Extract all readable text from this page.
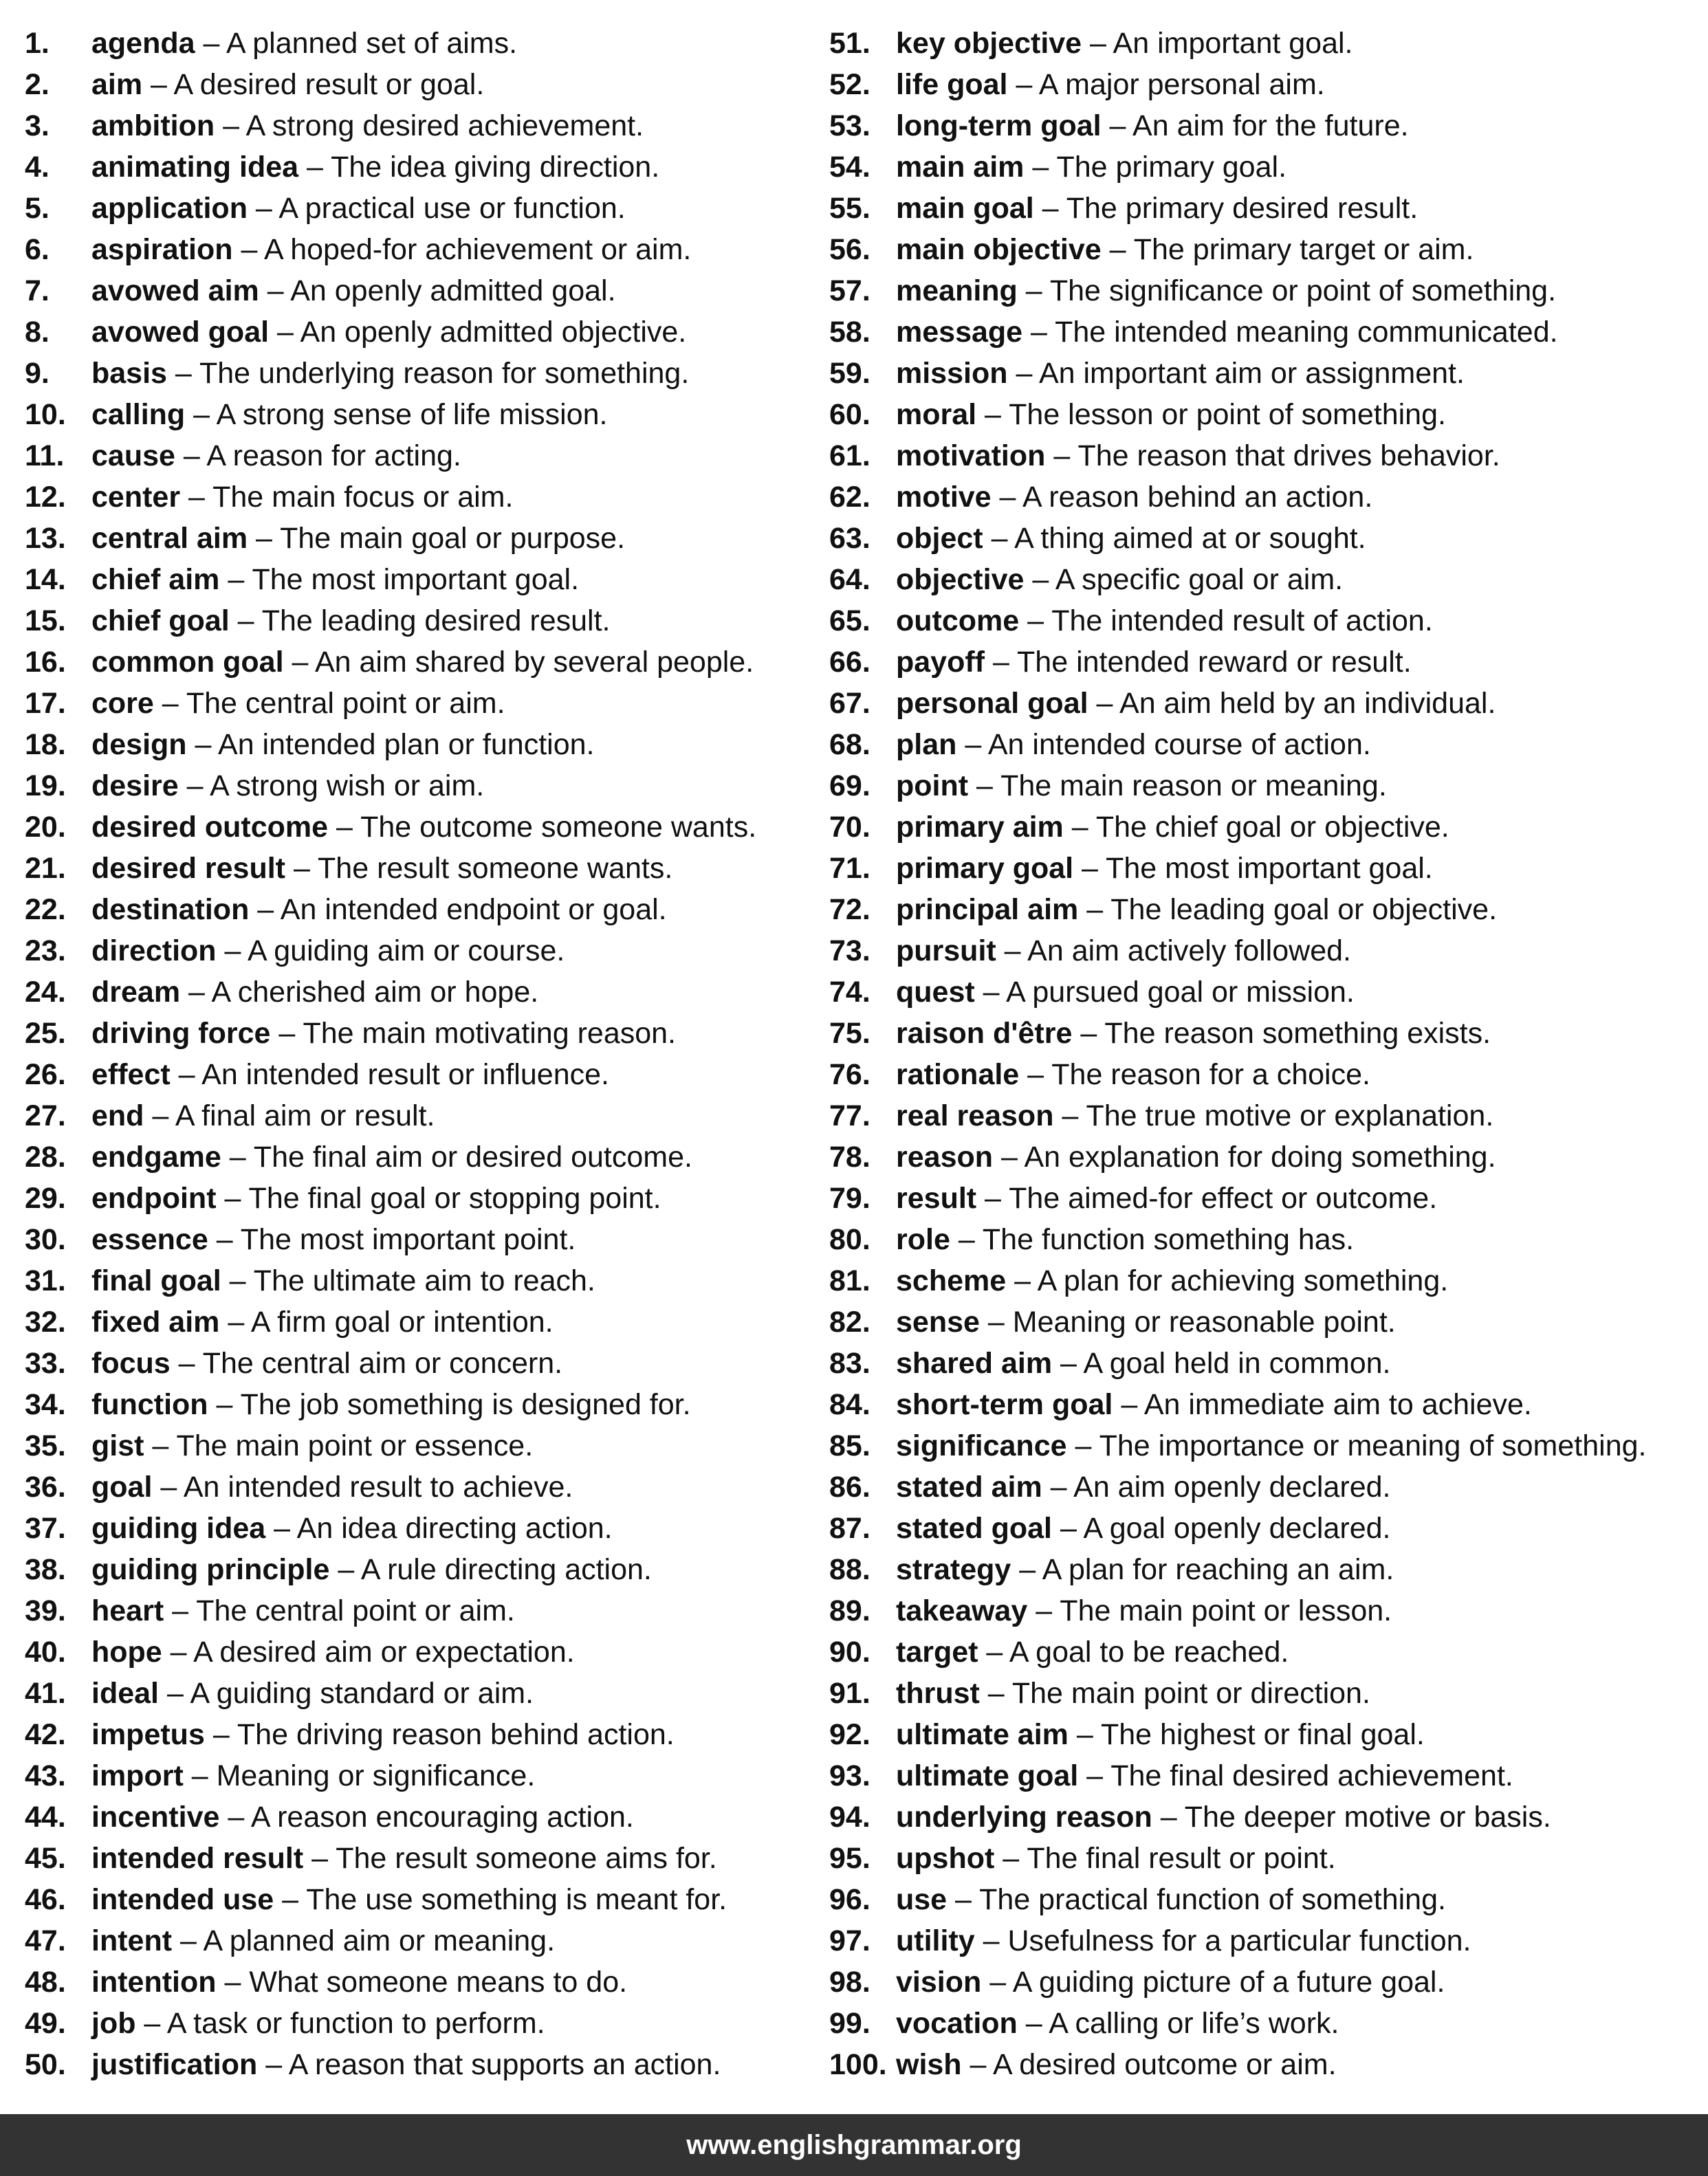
1. agenda – A planned set of aims.
2. aim – A desired result or goal.
3. ambition – A strong desired achievement.
4. animating idea – The idea giving direction.
5. application – A practical use or function.
6. aspiration – A hoped-for achievement or aim.
7. avowed aim – An openly admitted goal.
8. avowed goal – An openly admitted objective.
9. basis – The underlying reason for something.
10. calling – A strong sense of life mission.
11. cause – A reason for acting.
12. center – The main focus or aim.
13. central aim – The main goal or purpose.
14. chief aim – The most important goal.
15. chief goal – The leading desired result.
16. common goal – An aim shared by several people.
17. core – The central point or aim.
18. design – An intended plan or function.
19. desire – A strong wish or aim.
20. desired outcome – The outcome someone wants.
21. desired result – The result someone wants.
22. destination – An intended endpoint or goal.
23. direction – A guiding aim or course.
24. dream – A cherished aim or hope.
25. driving force – The main motivating reason.
26. effect – An intended result or influence.
27. end – A final aim or result.
28. endgame – The final aim or desired outcome.
29. endpoint – The final goal or stopping point.
30. essence – The most important point.
31. final goal – The ultimate aim to reach.
32. fixed aim – A firm goal or intention.
33. focus – The central aim or concern.
34. function – The job something is designed for.
35. gist – The main point or essence.
36. goal – An intended result to achieve.
37. guiding idea – An idea directing action.
38. guiding principle – A rule directing action.
39. heart – The central point or aim.
40. hope – A desired aim or expectation.
41. ideal – A guiding standard or aim.
42. impetus – The driving reason behind action.
43. import – Meaning or significance.
44. incentive – A reason encouraging action.
45. intended result – The result someone aims for.
46. intended use – The use something is meant for.
47. intent – A planned aim or meaning.
48. intention – What someone means to do.
49. job – A task or function to perform.
50. justification – A reason that supports an action.
51. key objective – An important goal.
52. life goal – A major personal aim.
53. long-term goal – An aim for the future.
54. main aim – The primary goal.
55. main goal – The primary desired result.
56. main objective – The primary target or aim.
57. meaning – The significance or point of something.
58. message – The intended meaning communicated.
59. mission – An important aim or assignment.
60. moral – The lesson or point of something.
61. motivation – The reason that drives behavior.
62. motive – A reason behind an action.
63. object – A thing aimed at or sought.
64. objective – A specific goal or aim.
65. outcome – The intended result of action.
66. payoff – The intended reward or result.
67. personal goal – An aim held by an individual.
68. plan – An intended course of action.
69. point – The main reason or meaning.
70. primary aim – The chief goal or objective.
71. primary goal – The most important goal.
72. principal aim – The leading goal or objective.
73. pursuit – An aim actively followed.
74. quest – A pursued goal or mission.
75. raison d'être – The reason something exists.
76. rationale – The reason for a choice.
77. real reason – The true motive or explanation.
78. reason – An explanation for doing something.
79. result – The aimed-for effect or outcome.
80. role – The function something has.
81. scheme – A plan for achieving something.
82. sense – Meaning or reasonable point.
83. shared aim – A goal held in common.
84. short-term goal – An immediate aim to achieve.
85. significance – The importance or meaning of something.
86. stated aim – An aim openly declared.
87. stated goal – A goal openly declared.
88. strategy – A plan for reaching an aim.
89. takeaway – The main point or lesson.
90. target – A goal to be reached.
91. thrust – The main point or direction.
92. ultimate aim – The highest or final goal.
93. ultimate goal – The final desired achievement.
94. underlying reason – The deeper motive or basis.
95. upshot – The final result or point.
96. use – The practical function of something.
97. utility – Usefulness for a particular function.
98. vision – A guiding picture of a future goal.
99. vocation – A calling or life’s work.
100. wish – A desired outcome or aim.
www.englishgrammar.org
